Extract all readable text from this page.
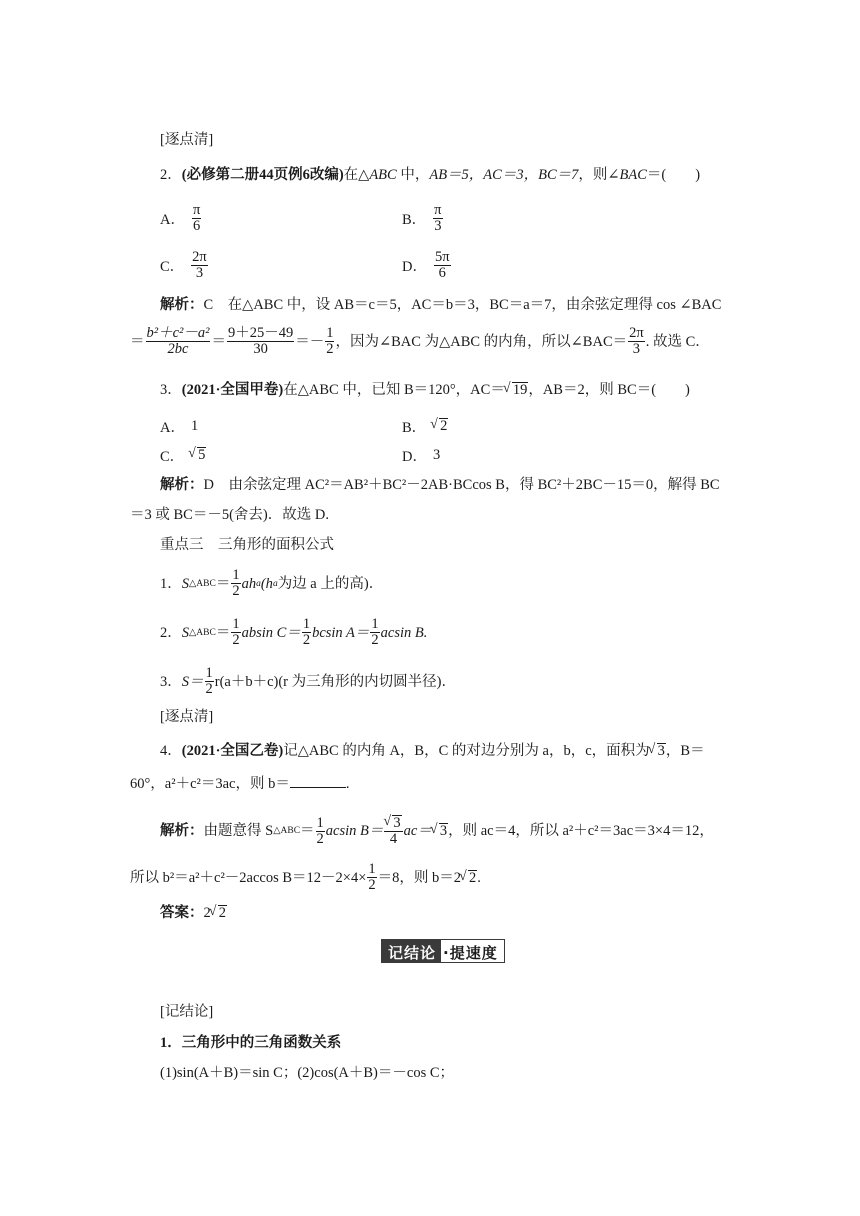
[逐点清]
2．(必修第二册44页例6改编)在△ABC 中，AB＝5，AC＝3，BC＝7，则∠BAC＝(　　)
A． $\frac{\pi}{6}$	B． $\frac{\pi}{3}$
C． $\frac{2\pi}{3}$	D． $\frac{5\pi}{6}$
解析：C　在△ABC 中，设 AB＝c＝5，AC＝b＝3，BC＝a＝7，由余弦定理得 cos ∠BAC
＝ $\frac{\text{b²＋c²－a²}}{2bc} = \frac{9+25-49}{30} =- \frac{1}{2}$ ，因为∠BAC 为△ABC 的内角，所以∠BAC＝ $\frac{2\pi}{3}$ . 故选 C．
3．(2021·全国甲卷)在△ABC 中，已知 B＝120°，AC＝ √ 19，AB＝2，则 BC＝(　　)
A． 1	B． √ 2
C． √ 5	D． 3
解析：D　由余弦定理 AC²＝AB²＋BC²－2AB·BCcos B，得 BC²＋2BC－15＝0，解得 BC
＝3 或 BC＝－5(舍去)．故选 D.
重点三　三角形的面积公式
1． S △ABC ＝ $\frac{1}{2}$ ah a (h a 为边 a 上的高)．
2． S △ABC ＝ $\frac{1}{2}$ absin $C= \frac{1}{2}$ bcsin $A= \frac{1}{2}$ acsin B.
3． $S= \frac{1}{2} r(a+b+c)(r$ 为三角形的内切圆半径)．
[逐点清]
4．(2021·全国乙卷)记△ABC 的内角 A，B，C 的对边分别为 a，b，c，面积为 √ 3，B＝
60°，a²＋c²＝3ac，则 b＝	.
解析： 由题意得 S △ABC ＝ $\frac{1}{2}$ acsin B＝ √ 3
4 ac＝ √ 3 ，则 ac＝4，所以 a²＋c²＝3ac＝3×4＝12，
所以 b²＝a²＋c²－2accos $B=12-2\times 4\times \frac{1}{2} =8$，则 b＝2 √ 2 .
答案：2 √ 2
记结论 ·提速度
[记结论]
1．三角形中的三角函数关系
(1)sin(A＋B)＝sin C；(2)cos(A＋B)＝－cos C；
